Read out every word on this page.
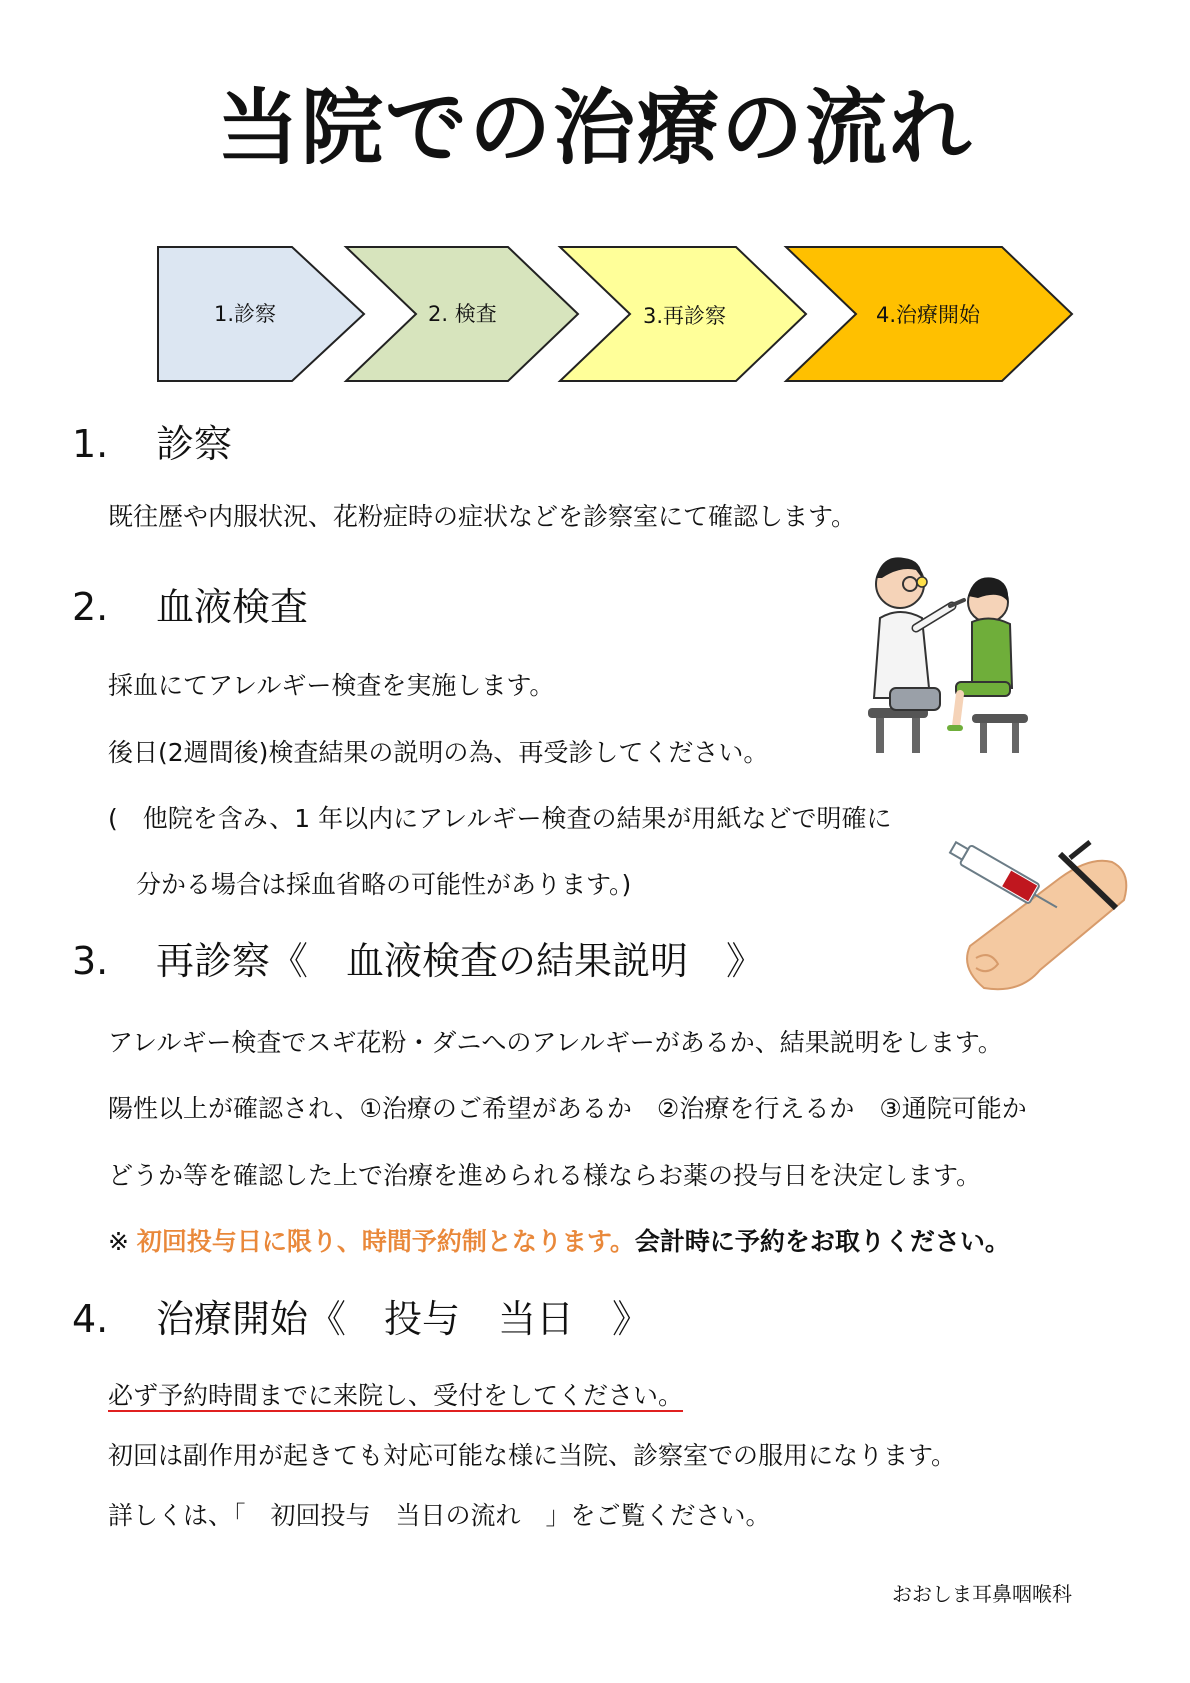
当院での治療の流れ
1.診察	2. 検査	3.再診察	4.治療開始
1. 診察
既往歴や内服状況、花粉症時の症状などを診察室にて確認します。
2. 血液検査
採血にてアレルギー検査を実施します。
後日(2週間後)検査結果の説明の為、再受診してください。
(　他院を含み、1 年以内にアレルギー検査の結果が用紙などで明確に
分かる場合は採血省略の可能性があります。)
3. 再診察《　血液検査の結果説明　》
アレルギー検査でスギ花粉・ダニへのアレルギーがあるか、結果説明をします。
陽性以上が確認され、①治療のご希望があるか　②治療を行えるか　③通院可能か
どうか等を確認した上で治療を進められる様ならお薬の投与日を決定します。
※ 初回投与日に限り、時間予約制となります。会計時に予約をお取りください。
4. 治療開始《　投与　当日　》
必ず予約時間までに来院し、受付をしてください。
初回は副作用が起きても対応可能な様に当院、診察室での服用になります。
詳しくは、「　初回投与　当日の流れ　」をご覧ください。
おおしま耳鼻咽喉科
